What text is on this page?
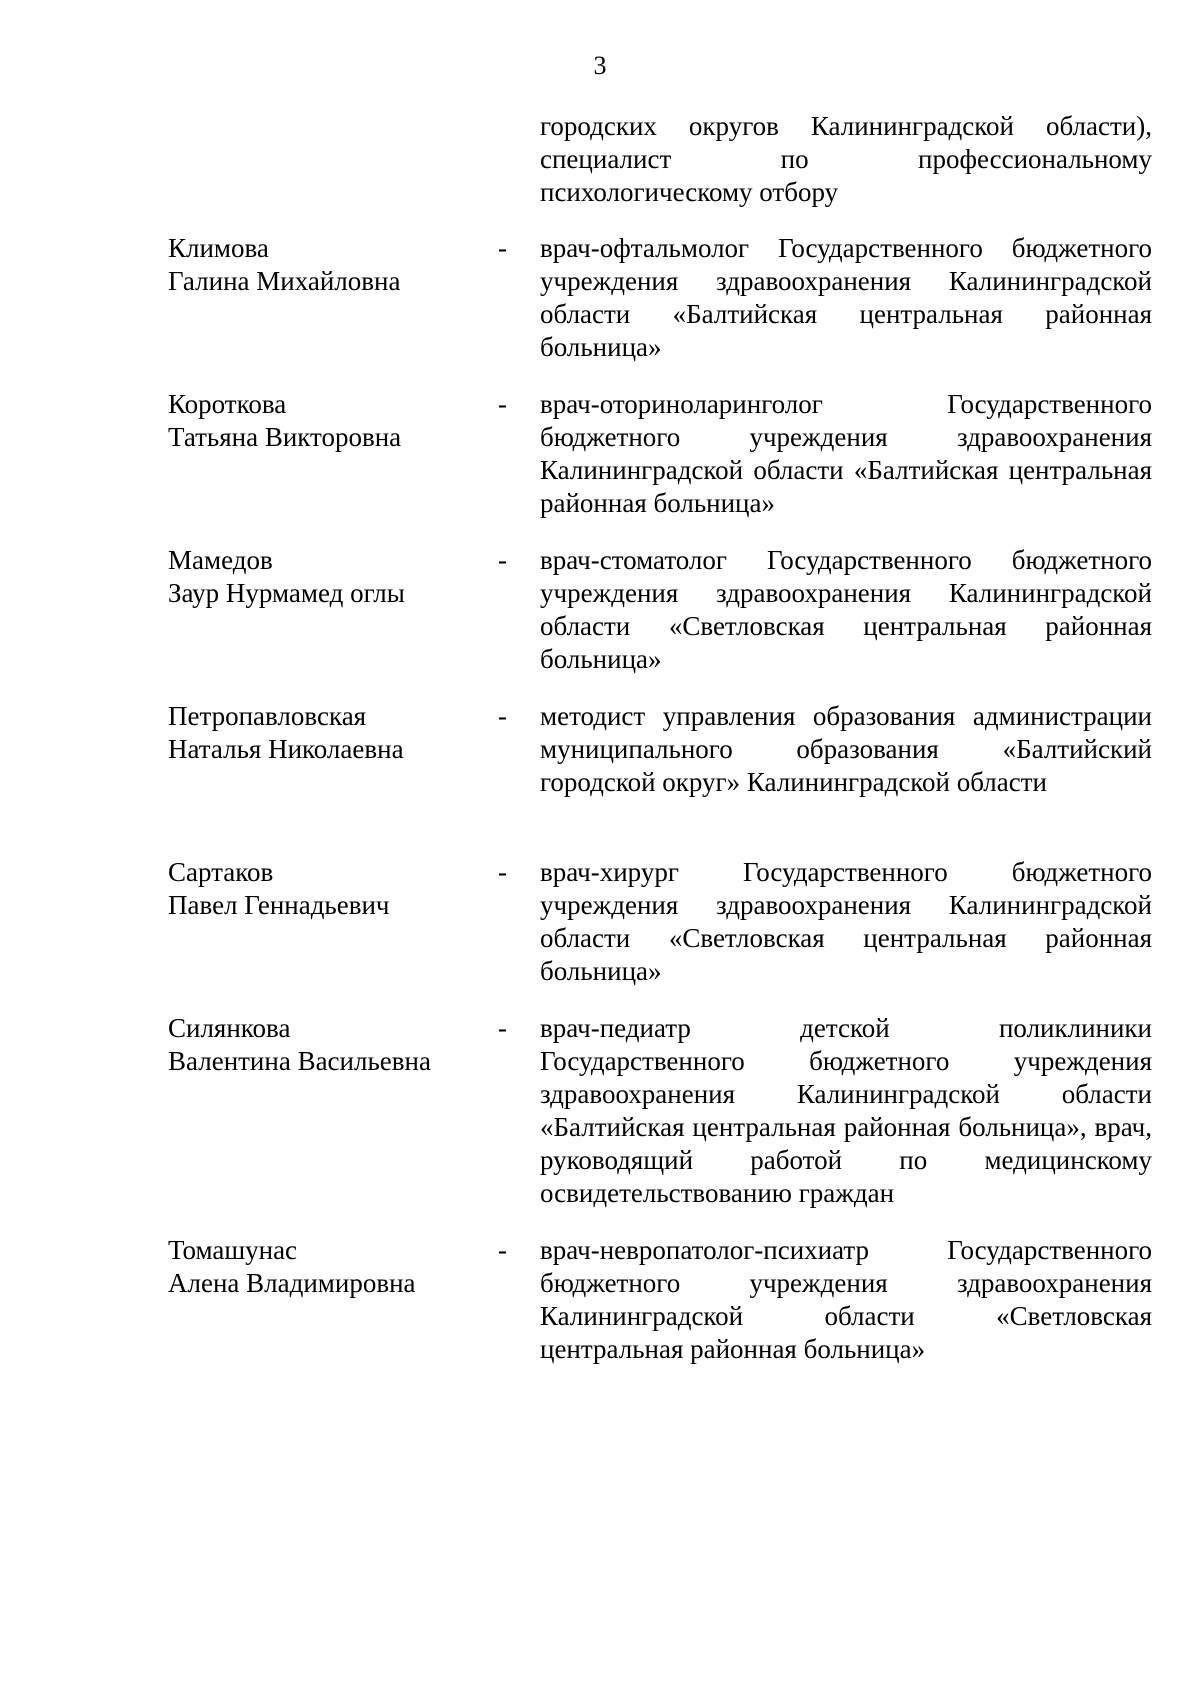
3
городских округов Калининградской области), специалист по профессиональному психологическому отбору
Климова
Галина Михайловна
-	врач-офтальмолог Государственного бюджетного учреждения здравоохранения Калининградской области «Балтийская центральная районная больница»
Короткова
Татьяна Викторовна
-	врач-оториноларинголог Государственного бюджетного учреждения здравоохранения Калининградской области «Балтийская центральная районная больница»
Мамедов
Заур Нурмамед оглы
-	врач-стоматолог Государственного бюджетного учреждения здравоохранения Калининградской области «Светловская центральная районная больница»
Петропавловская
Наталья Николаевна
-	методист управления образования администрации муниципального образования «Балтийский городской округ» Калининградской области
Сартаков
Павел Геннадьевич
-	врач-хирург Государственного бюджетного учреждения здравоохранения Калининградской области «Светловская центральная районная больница»
Силянкова
Валентина Васильевна
-	врач-педиатр детской поликлиники Государственного бюджетного учреждения здравоохранения Калининградской области «Балтийская центральная районная больница», врач, руководящий работой по медицинскому освидетельствованию граждан
Томашунас
Алена Владимировна
-	врач-невропатолог-психиатр Государственного бюджетного учреждения здравоохранения Калининградской области «Светловская центральная районная больница»
